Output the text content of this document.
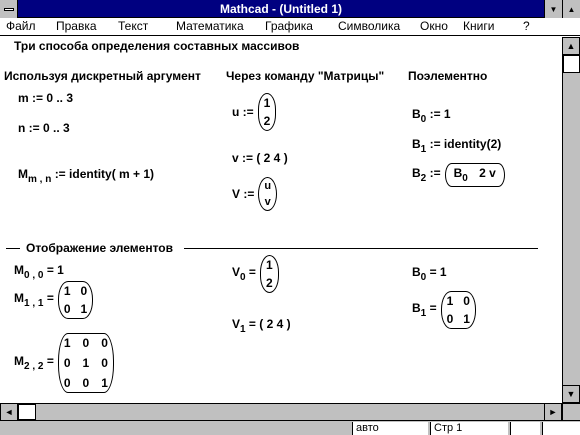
Mathcad - (Untitled 1)	▼ ▲
Файл Правка Текст Математика Графика Символика Окно Книги ?
Три способа определения составных массивов
Используя дискретный аргумент Через команду "Матрицы" Поэлементно
m := 0 .. 3
n := 0 .. 3
$M_{m , n}$ := identity( m + 1)
u :=
1
2
v := ( 2 4 )
V :=
u
v
$B_0$ := 1
$B_1$ := identity(2)
$B_2$ :=	$B_0$ 2 v
Отображение элементов
$M_{0 , 0} = 1$
$M_{1 , 1} = 1$ 0
0 1
$M_{2 , 2}$ =
1 0 0
0 1 0
0 0 1
$V_0 = 1$
2
$V_1$ = ( 2 4 )
$B_0 = 1$
$B_1 = 1$ 0
0 1
▲
▼
◄	►
авто	Стр 1
